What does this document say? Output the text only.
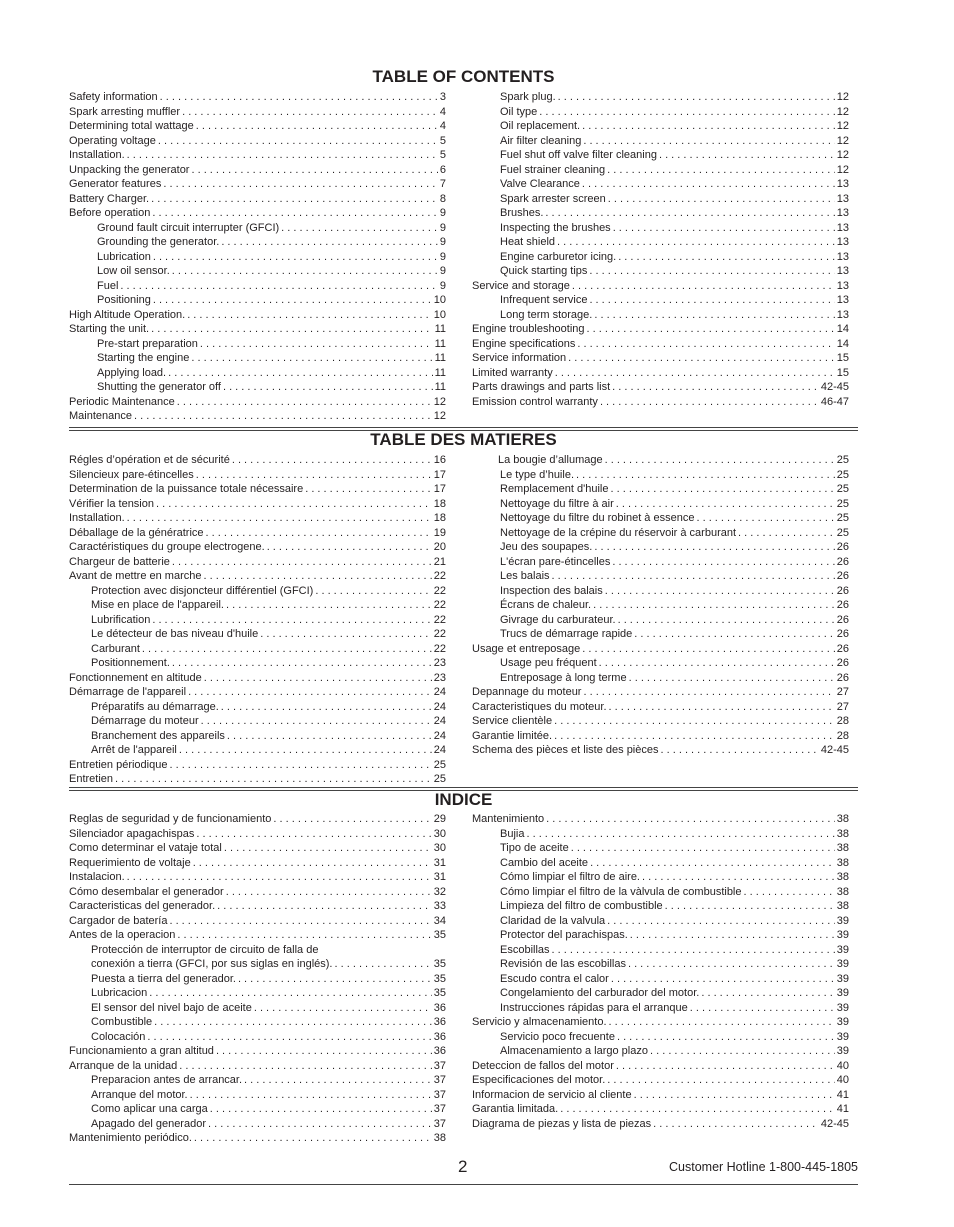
TABLE OF CONTENTS
Safety information . . .	3
Spark arresting muffler . . .	4
Determining total wattage . . .	4
Operating voltage . . .	5
Installation. . . .	5
Unpacking the generator . . .	6
Generator features . . .	7
Battery Charger. . . .	8
Before operation . . .	9
Ground fault circuit interrupter (GFCI) . . .	9
Grounding the generator. . . .	9
Lubrication . . .	9
Low oil sensor. . . .	9
Fuel . . .	9
Positioning . . .	10
High Altitude Operation. . . .	10
Starting the unit. . . .	11
Pre-start preparation . . .	11
Starting the engine . . .	11
Applying load. . . .	11
Shutting the generator off . . .	11
Periodic Maintenance . . .	12
Maintenance . . .	12
Spark plug. . . .	12
Oil type . . .	12
Oil replacement. . . .	12
Air filter cleaning . . .	12
Fuel shut off valve filter cleaning . . .	12
Fuel strainer cleaning . . .	12
Valve Clearance . . .	13
Spark arrester screen . . .	13
Brushes. . . .	13
Inspecting the brushes . . .	13
Heat shield . . .	13
Engine carburetor icing. . . .	13
Quick starting tips . . .	13
Service and storage . . .	13
Infrequent service . . .	13
Long term storage. . . .	13
Engine troubleshooting . . .	14
Engine specifications . . .	14
Service information . . .	15
Limited warranty . . .	15
Parts drawings and parts list . . .	42-45
Emission control warranty . . .	46-47
TABLE DES MATIERES
Régles d’opération et de sécurité . . .	16
Silencieux pare-étincelles . . .	17
Determination de la puissance totale nécessaire . . .	17
Vérifier la tension . . .	18
Installation. . . .	18
Déballage de la génératrice . . .	19
Caractéristiques du groupe electrogene. . . .	20
Chargeur de batterie . . .	21
Avant de mettre en marche . . .	22
Protection avec disjoncteur différentiel (GFCI) . . .	22
Mise en place de l'appareil. . . .	22
Lubrification . . .	22
Le détecteur de bas niveau d'huile . . .	22
Carburant . . .	22
Positionnement. . . .	23
Fonctionnement en altitude . . .	23
Démarrage de l'appareil . . .	24
Préparatifs au démarrage. . . .	24
Démarrage du moteur . . .	24
Branchement des appareils . . .	24
Arrêt de l'appareil . . .	24
Entretien périodique . . .	25
Entretien . . .	25
La bougie d’allumage . . .	25
Le type d’huile. . . .	25
Remplacement d'huile . . .	25
Nettoyage du filtre à air . . .	25
Nettoyage du filtre du robinet à essence . . .	25
Nettoyage de la crépine du réservoir à carburant . . .	25
Jeu des soupapes. . . .	26
L'écran pare-étincelles . . .	26
Les balais . . .	26
Inspection des balais . . .	26
Écrans de chaleur. . . .	26
Givrage du carburateur. . . .	26
Trucs de démarrage rapide . . .	26
Usage et entreposage . . .	26
Usage peu fréquent . . .	26
Entreposage à long terme . . .	26
Depannage du moteur . . .	27
Caracteristiques du moteur. . . .	27
Service clientèle . . .	28
Garantie limitée. . . .	28
Schema des pièces et liste des pièces . . .	42-45
INDICE
Reglas de seguridad y de funcionamiento . . .	29
Silenciador apagachispas . . .	30
Como determinar el vataje total . . .	30
Requerimiento de voltaje . . .	31
Instalacion. . . .	31
Cómo desembalar el generador . . .	32
Caracteristicas del generador. . . .	33
Cargador de batería . . .	34
Antes de la operacion . . .	35
Protección de interruptor de circuito de falla de
conexión a tierra (GFCI, por sus siglas en inglés). . . .	35
Puesta a tierra del generador. . . .	35
Lubricacion . . .	35
El sensor del nivel bajo de aceite . . .	36
Combustible . . .	36
Colocación . . .	36
Funcionamiento a gran altitud . . .	36
Arranque de la unidad . . .	37
Preparacion antes de arrancar. . . .	37
Arranque del motor. . . .	37
Como aplicar una carga . . .	37
Apagado del generador . . .	37
Mantenimiento periódico. . . .	38
Mantenimiento . . .	38
Bujia . . .	38
Tipo de aceite . . .	38
Cambio del aceite . . .	38
Cómo limpiar el filtro de aire. . . .	38
Cómo limpiar el filtro de la vàlvula de combustible . . .	38
Limpieza del filtro de combustible . . .	38
Claridad de la valvula . . .	39
Protector del parachispas. . . .	39
Escobillas . . .	39
Revisión de las escobillas . . .	39
Escudo contra el calor . . .	39
Congelamiento del carburador del motor. . . .	39
Instrucciones rápidas para el arranque . . .	39
Servicio y almacenamiento. . . .	39
Servicio poco frecuente . . .	39
Almacenamiento a largo plazo . . .	39
Deteccion de fallos del motor . . .	40
Especificaciones del motor. . . .	40
Informacion de servicio al cliente . . .	41
Garantia limitada. . . .	41
Diagrama de piezas y lista de piezas . . .	42-45
2	Customer Hotline 1-800-445-1805
